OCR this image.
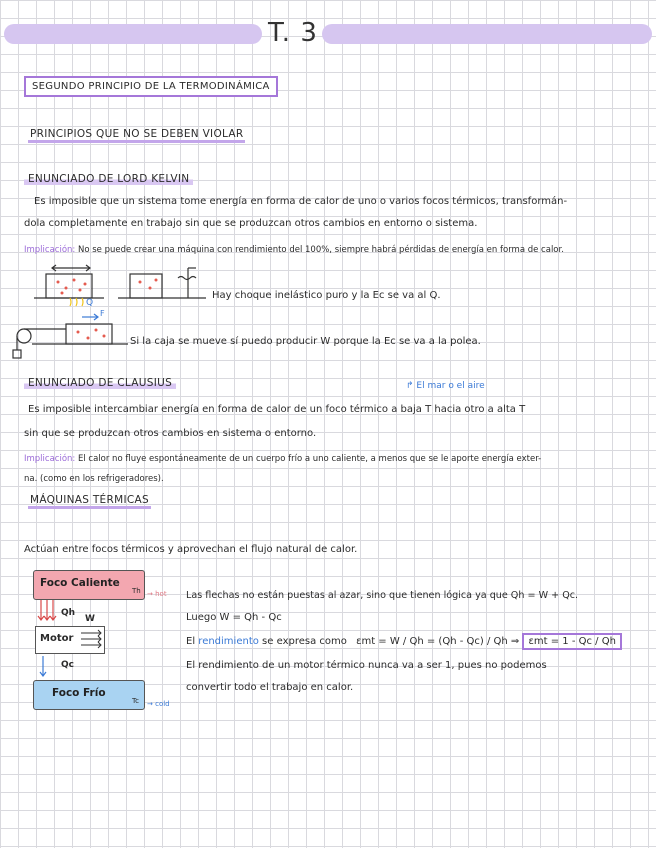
T. 3
SEGUNDO PRINCIPIO DE LA TERMODINÁMICA
PRINCIPIOS QUE NO SE DEBEN VIOLAR
ENUNCIADO DE LORD KELVIN
Es imposible que un sistema tome energía en forma de calor de uno o varios focos térmicos, transformán-
dola completamente en trabajo sin que se produzcan otros cambios en entorno o sistema.
Implicación: No se puede crear una máquina con rendimiento del 100%, siempre habrá pérdidas de energía en forma de calor.
Q
Hay choque inelástico puro y la Ec se va al Q.
F
Si la caja se mueve sí puedo producir W porque la Ec se va a la polea.
ENUNCIADO DE CLAUSIUS	↱ El mar o el aire
Es imposible intercambiar energía en forma de calor de un foco térmico a baja T hacia otro a alta T
sin que se produzcan otros cambios en sistema o entorno.
Implicación: El calor no fluye espontáneamente de un cuerpo frío a uno caliente, a menos que se le aporte energía exter-
na. (como en los refrigeradores).
MÁQUINAS TÉRMICAS
Actúan entre focos térmicos y aprovechan el flujo natural de calor.
Foco Caliente
Th → hot
Qh
Motor
W
Qc
Foco Frío
Tc → cold
Las flechas no están puestas al azar, sino que tienen lógica ya que Qh = W + Qc.
Luego W = Qh - Qc
El rendimiento se expresa como εmt = W / Qh = (Qh - Qc) / Qh ⇒ εmt = 1 - Qc / Qh
El rendimiento de un motor térmico nunca va a ser 1, pues no podemos
convertir todo el trabajo en calor.
